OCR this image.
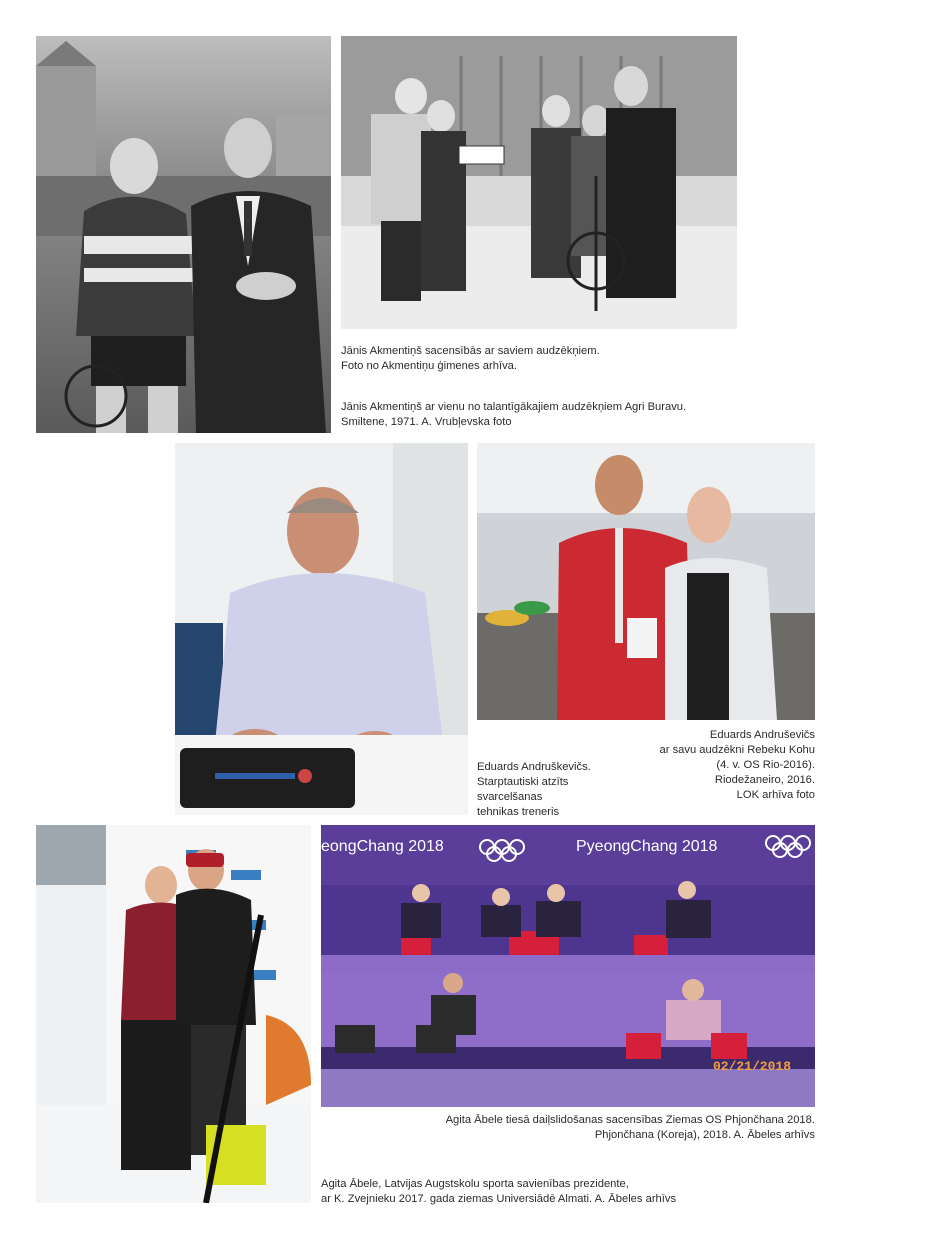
Jānis Akmentiņš sacensībās ar saviem audzēkņiem.
Foto no Akmentiņu ģimenes arhīva.
Jānis Akmentiņš ar vienu no talantīgākajiem audzēkņiem Agri Buravu.
Smiltene, 1971. A. Vrubļevska foto
Eduards Andruškevičs.
Starptautiski atzīts
svarcelšanas
tehnikas treneris
Eduards Andruševičs
ar savu audzēkni Rebeku Kohu
(4. v. OS Rio-2016).
Riodežaneiro, 2016.
LOK arhīva foto
eongChang 2018	PyeongChang 2018
02/21/2018
Agita Ābele tiesā daiļslidošanas sacensības Ziemas OS Phjončhana 2018.
Phjončhana (Koreja), 2018. A. Ābeles arhīvs
Agita Ābele, Latvijas Augstskolu sporta savienības prezidente,
ar K. Zvejnieku 2017. gada ziemas Universiādē Almati. A. Ābeles arhīvs
